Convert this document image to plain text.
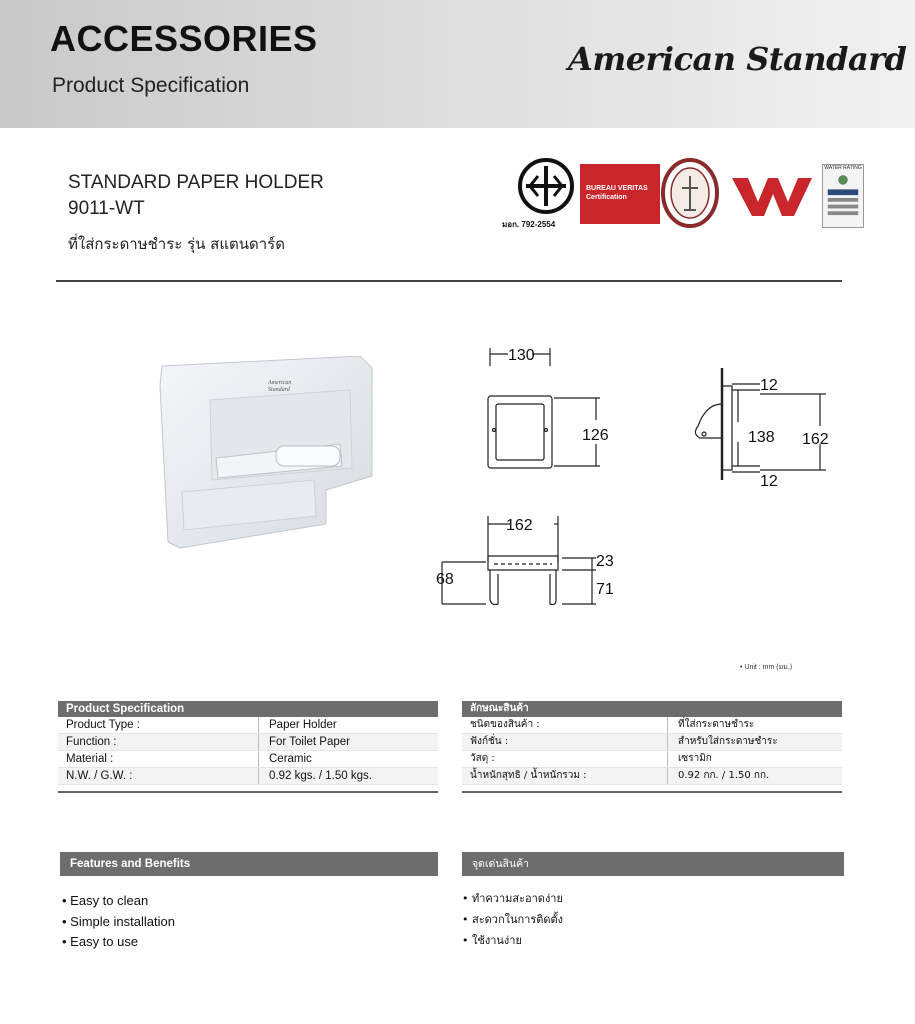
ACCESSORIES
Product Specification
American Standard
STANDARD PAPER HOLDER
9011-WT
ที่ใส่กระดาษชำระ รุ่น สแตนดาร์ด
มอก. 792-2554
BUREAU VERITAS
Certification
WATER RATING
American
Standard
130
126
12
138 162
12
162
23
71
68
• Unit : mm (มม.)
Product Specification
Product Type :	Paper Holder
Function :	For Toilet Paper
Material :	Ceramic
N.W. / G.W. :	0.92 kgs. / 1.50 kgs.
ลักษณะสินค้า
ชนิดของสินค้า :	ที่ใส่กระดาษชำระ
ฟังก์ชั่น :	สำหรับใส่กระดาษชำระ
วัสดุ :	เซรามิก
น้ำหนักสุทธิ / น้ำหนักรวม :	0.92 กก. / 1.50 กก.
Features and Benefits	จุดเด่นสินค้า
• Easy to clean
• Simple installation
• Easy to use
• ทำความสะอาดง่าย
• สะดวกในการติดตั้ง
• ใช้งานง่าย
